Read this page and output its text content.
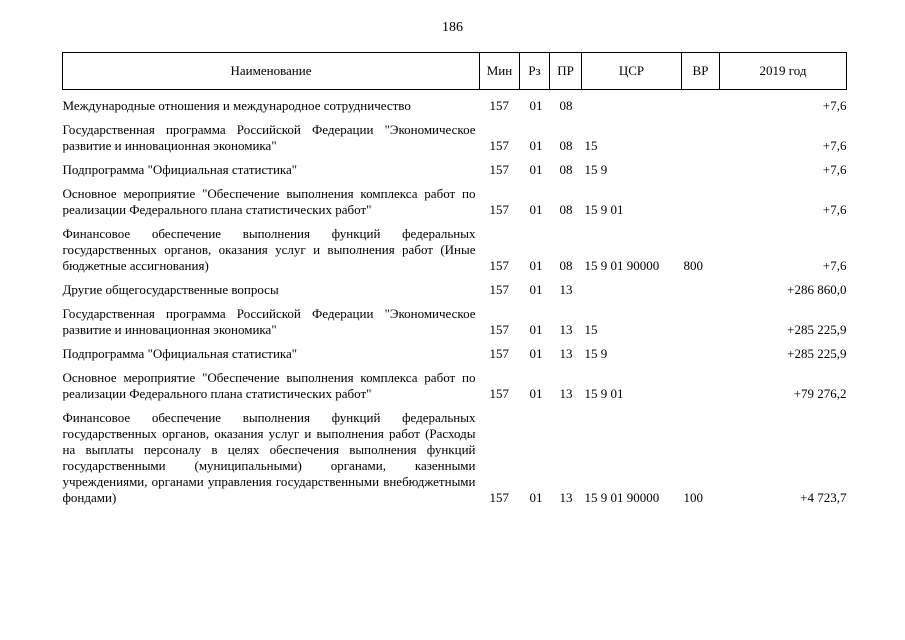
186
Наименование	Мин	Рз	ПР	ЦСР	ВР	2019 год

Международные отношения и международное сотрудничество	157	01	08			+7,6

Государственная программа Российской Федерации "Экономическое развитие и инновационная экономика"	157	01	08	15		+7,6

Подпрограмма "Официальная статистика"	157	01	08	15 9		+7,6

Основное мероприятие "Обеспечение выполнения комплекса работ по реализации Федерального плана статистических работ"	157	01	08	15 9 01		+7,6

Финансовое обеспечение выполнения функций федеральных государственных органов, оказания услуг и выполнения работ (Иные бюджетные ассигнования)	157	01	08	15 9 01 90000	800	+7,6

Другие общегосударственные вопросы	157	01	13			+286 860,0

Государственная программа Российской Федерации "Экономическое развитие и инновационная экономика"	157	01	13	15		+285 225,9

Подпрограмма "Официальная статистика"	157	01	13	15 9		+285 225,9

Основное мероприятие "Обеспечение выполнения комплекса работ по реализации Федерального плана статистических работ"	157	01	13	15 9 01		+79 276,2

Финансовое обеспечение выполнения функций федеральных государственных органов, оказания услуг и выполнения работ (Расходы на выплаты персоналу в целях обеспечения выполнения функций государственными (муниципальными) органами, казенными учреждениями, органами управления государственными внебюджетными фондами)	157	01	13	15 9 01 90000	100	+4 723,7
